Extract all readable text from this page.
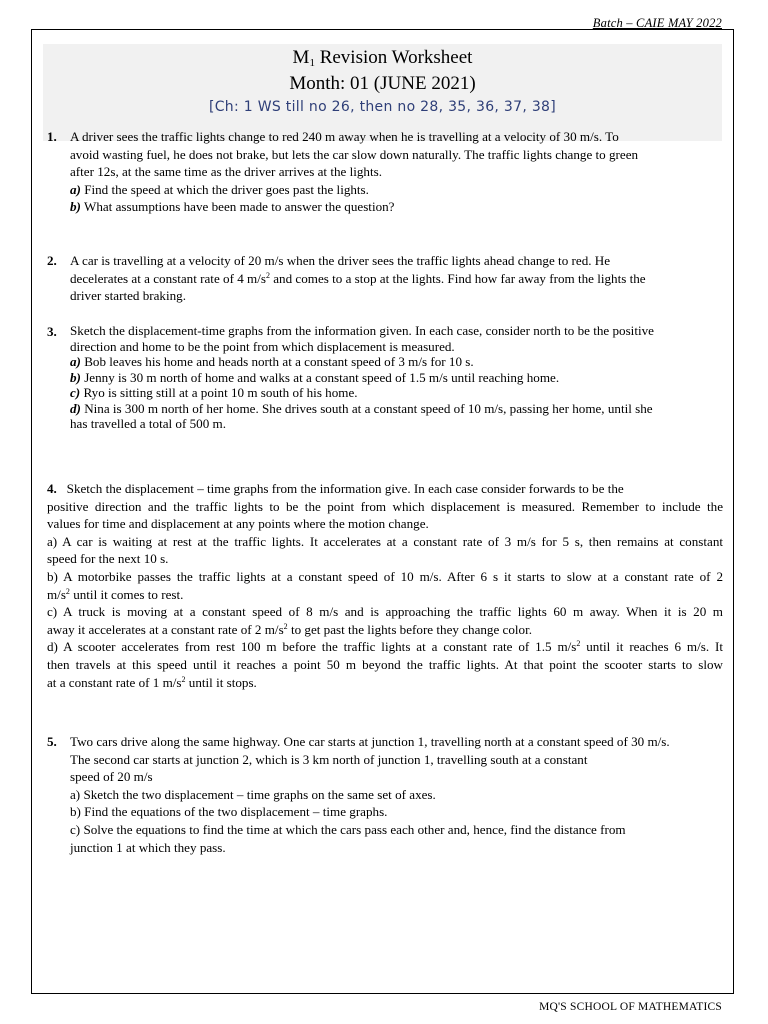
Batch – CAIE MAY 2022
$M_1$ Revision Worksheet
Month: 01 (JUNE 2021)
[Ch: 1 WS till no 26, then no 28, 35, 36, 37, 38]
1. A driver sees the traffic lights change to red 240 m away when he is travelling at a velocity of 30 m/s. To
avoid wasting fuel, he does not brake, but lets the car slow down naturally. The traffic lights change to green
after 12s, at the same time as the driver arrives at the lights.
a) Find the speed at which the driver goes past the lights.
b) What assumptions have been made to answer the question?
2. A car is travelling at a velocity of 20 m/s when the driver sees the traffic lights ahead change to red. He
decelerates at a constant rate of 4 $m/s^2$ and comes to a stop at the lights. Find how far away from the lights the
driver started braking.
3. Sketch the displacement-time graphs from the information given. In each case, consider north to be the positive
direction and home to be the point from which displacement is measured.
a) Bob leaves his home and heads north at a constant speed of 3 m/s for 10 s.
b) Jenny is 30 m north of home and walks at a constant speed of 1.5 m/s until reaching home.
c) Ryo is sitting still at a point 10 m south of his home.
d) Nina is 300 m north of her home. She drives south at a constant speed of 10 m/s, passing her home, until she
has travelled a total of 500 m.
4. Sketch the displacement – time graphs from the information give. In each case consider forwards to be the
positive direction and the traffic lights to be the point from which displacement is measured. Remember to include the
values for time and displacement at any points where the motion change.
a) A car is waiting at rest at the traffic lights. It accelerates at a constant rate of 3 m/s for 5 s, then remains at constant
speed for the next 10 s.
b) A motorbike passes the traffic lights at a constant speed of 10 m/s. After 6 s it starts to slow at a constant rate of 2
$m/s^2$ until it comes to rest.
c) A truck is moving at a constant speed of 8 m/s and is approaching the traffic lights 60 m away. When it is 20 m
away it accelerates at a constant rate of 2 $m/s^2$ to get past the lights before they change color.
d) A scooter accelerates from rest 100 m before the traffic lights at a constant rate of 1.5 $m/s^2$ until it reaches 6 m/s. It
then travels at this speed until it reaches a point 50 m beyond the traffic lights. At that point the scooter starts to slow
at a constant rate of 1 $m/s^2$ until it stops.
5. Two cars drive along the same highway. One car starts at junction 1, travelling north at a constant speed of 30 m/s.
The second car starts at junction 2, which is 3 km north of junction 1, travelling south at a constant
speed of 20 m/s
a) Sketch the two displacement – time graphs on the same set of axes.
b) Find the equations of the two displacement – time graphs.
c) Solve the equations to find the time at which the cars pass each other and, hence, find the distance from
junction 1 at which they pass.
MQ'S SCHOOL OF MATHEMATICS
